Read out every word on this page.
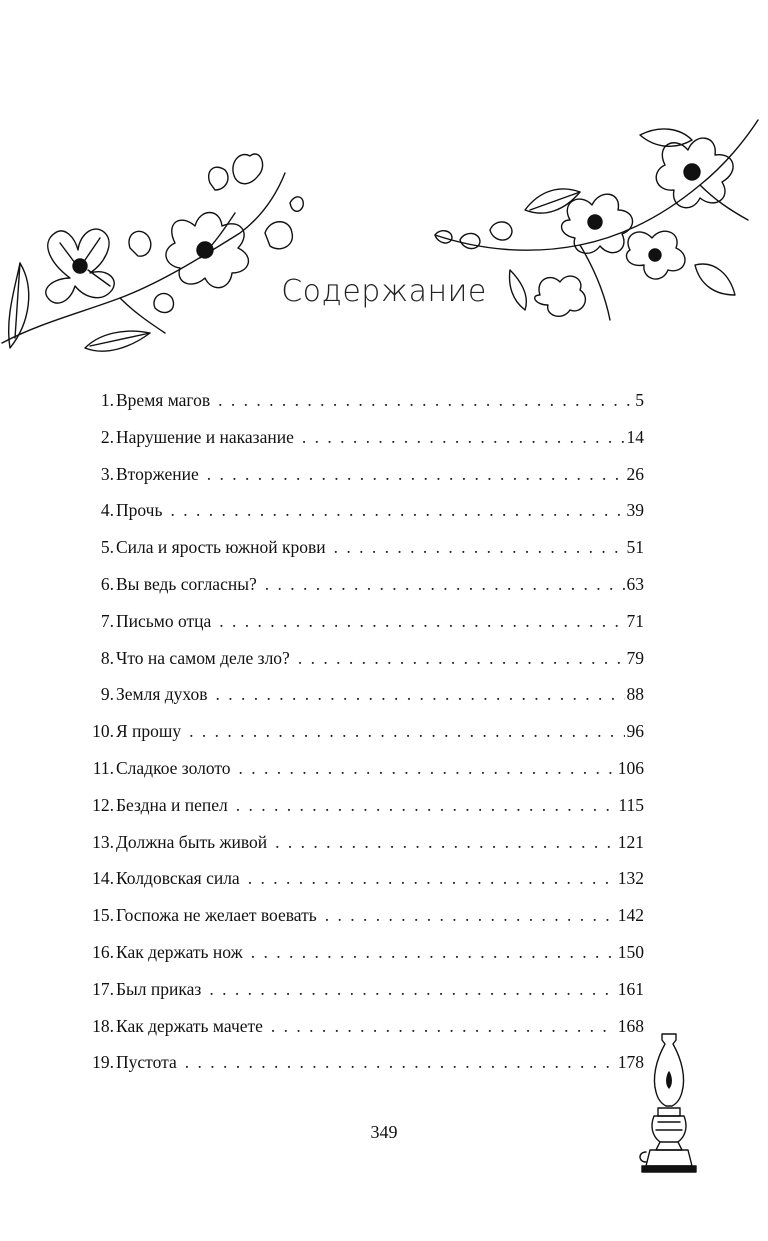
Содержание
1. Время магов . . .	5
2. Нарушение и наказание . . .	14
3. Вторжение . . .	26
4. Прочь . . .	39
5. Сила и ярость южной крови . . .	51
6. Вы ведь согласны? . . .	63
7. Письмо отца . . .	71
8. Что на самом деле зло? . . .	79
9. Земля духов . . .	88
10. Я прошу . . .	96
11. Сладкое золото . . .	106
12. Бездна и пепел . . .	115
13. Должна быть живой . . .	121
14. Колдовская сила . . .	132
15. Госпожа не желает воевать . . .	142
16. Как держать нож . . .	150
17. Был приказ . . .	161
18. Как держать мачете . . .	168
19. Пустота . . .	178
349
